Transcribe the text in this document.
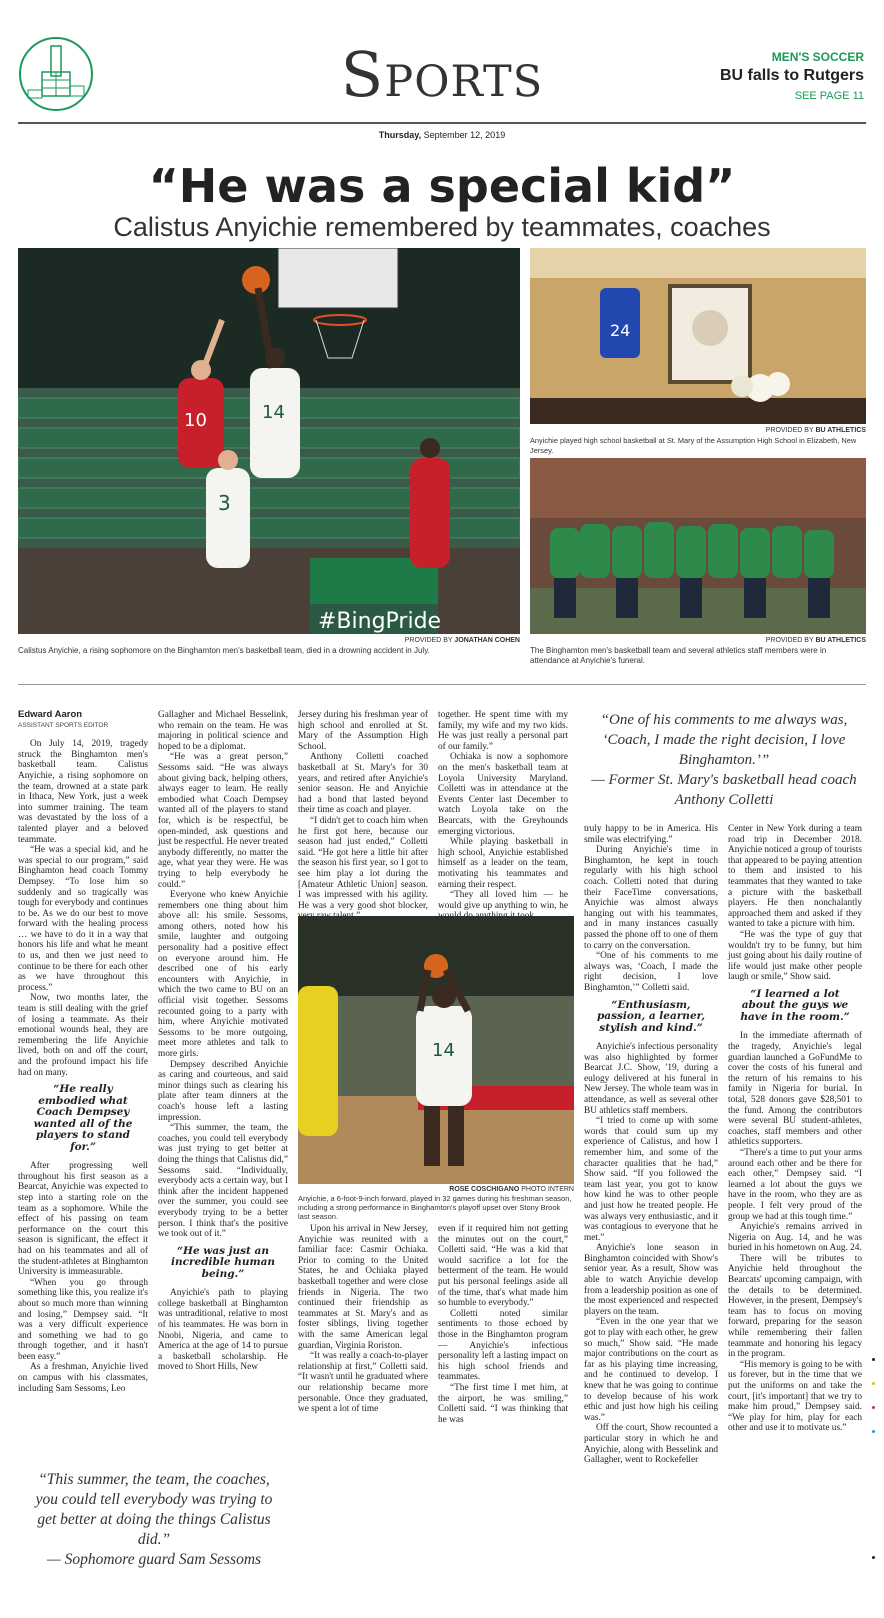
Sports	MEN'S SOCCER
BU falls to Rutgers
SEE PAGE 11
Thursday, September 12, 2019
“He was a special kid”
Calistus Anyichie remembered by teammates, coaches
#BingPride
10	14
3
PROVIDED BY JONATHAN COHEN
Calistus Anyichie, a rising sophomore on the Binghamton men's basketball team, died in a drowning accident in July.
24
PROVIDED BY BU ATHLETICS
Anyichie played high school basketball at St. Mary of the Assumption High School in Elizabeth, New Jersey.
PROVIDED BY BU ATHLETICS
The Binghamton men's basketball team and several athletics staff members were in attendance at Anyichie's funeral.
Edward Aaron
ASSISTANT SPORTS EDITOR

On July 14, 2019, tragedy struck the Binghamton men's basketball team. Calistus Anyichie, a rising sophomore on the team, drowned at a state park in Ithaca, New York, just a week into summer training. The team was devastated by the loss of a talented player and a beloved teammate.

“He was a special kid, and he was special to our program,” said Binghamton head coach Tommy Dempsey. “To lose him so suddenly and so tragically was tough for everybody and continues to be. As we do our best to move forward with the healing process … we have to do it in a way that honors his life and what he meant to us, and then we just need to continue to be there for each other as we have throughout this process.”

Now, two months later, the team is still dealing with the grief of losing a teammate. As their emotional wounds heal, they are remembering the life Anyichie lived, both on and off the court, and the profound impact his life had on many.

“He really embodied what Coach Dempsey wanted all of the players to stand for.”

After progressing well throughout his first season as a Bearcat, Anyichie was expected to step into a starting role on the team as a sophomore. While the effect of his passing on team performance on the court this season is significant, the effect it had on his teammates and all of the student-athletes at Binghamton University is immeasurable.

“When you go through something like this, you realize it's about so much more than winning and losing,” Dempsey said. “It was a very difficult experience and something we had to go through together, and it hasn't been easy.”

As a freshman, Anyichie lived on campus with his classmates, including Sam Sessoms, Leo

Gallagher and Michael Besselink, who remain on the team. He was majoring in political science and hoped to be a diplomat.

“He was a great person,” Sessoms said. “He was always about giving back, helping others, always eager to learn. He really embodied what Coach Dempsey wanted all of the players to stand for, which is be respectful, be open-minded, ask questions and just be respectful. He never treated anybody differently, no matter the age, what year they were. He was trying to help everybody he could.”

Everyone who knew Anyichie remembers one thing about him above all: his smile. Sessoms, among others, noted how his smile, laughter and outgoing personality had a positive effect on everyone around him. He described one of his early encounters with Anyichie, in which the two came to BU on an official visit together. Sessoms recounted going to a party with him, where Anyichie motivated Sessoms to be more outgoing, meet more athletes and talk to more girls.

Dempsey described Anyichie as caring and courteous, and said minor things such as clearing his plate after team dinners at the coach's house left a lasting impression.

“This summer, the team, the coaches, you could tell everybody was just trying to get better at doing the things that Calistus did,” Sessoms said. “Individually, everybody acts a certain way, but I think after the incident happened over the summer, you could see everybody trying to be a better person. I think that's the positive we took out of it.”

“He was just an incredible human being.”

Anyichie's path to playing college basketball at Binghamton was untraditional, relative to most of his teammates. He was born in Nnobi, Nigeria, and came to America at the age of 14 to pursue a basketball scholarship. He moved to Short Hills, New

“This summer, the team, the coaches, you could tell everybody was trying to get better at doing the things Calistus did.”
— Sophomore guard Sam Sessoms

Jersey during his freshman year of high school and enrolled at St. Mary of the Assumption High School.

Anthony Colletti coached basketball at St. Mary's for 30 years, and retired after Anyichie's senior season. He and Anyichie had a bond that lasted beyond their time as coach and player.

“I didn't get to coach him when he first got here, because our season had just ended,” Colletti said. “He got here a little bit after the season his first year, so I got to see him play a lot during the [Amateur Athletic Union] season. I was impressed with his agility. He was a very good shot blocker,

together. He spent time with my family, my wife and my two kids. He was just really a personal part of our family.”

Ochiaka is now a sophomore on the men's basketball team at Loyola University Maryland. Colletti was in attendance at the Events Center last December to watch Loyola take on the Bearcats, with the Greyhounds emerging victorious.

While playing basketball in high school, Anyichie established himself as a leader on the team, motivating his teammates and earning their respect.

“They all loved him — he would give up anything to win, he

14
ROSE COSCHIGANO PHOTO INTERN
Anyichie, a 6-foot-9-inch forward, played in 32 games during his freshman season, including a strong performance in Binghamton's playoff upset over Stony Brook last season.

Upon his arrival in New Jersey, Anyichie was reunited with a familiar face: Casmir Ochiaka. Prior to coming to the United States, he and Ochiaka played basketball together and were close friends in Nigeria. The two continued their friendship as teammates at St. Mary's and as foster siblings, living together with the same American legal guardian, Virginia Roriston.

“It was really a coach-to-player relationship at first,” Colletti said. “It wasn't until he graduated where our relationship became more personable. Once they graduated, we spent a lot of time

even if it required him not getting the minutes out on the court,” Colletti said. “He was a kid that would sacrifice a lot for the betterment of the team. He would put his personal feelings aside all of the time, that's what made him so humble to everybody.”

Colletti noted similar sentiments to those echoed by those in the Binghamton program — Anyichie's infectious personality left a lasting impact on his high school friends and teammates.

“The first time I met him, at the airport, he was smiling,” Colletti said. “I was thinking that he was

“One of his comments to me always was, ‘Coach, I made the right decision, I love Binghamton.’”
— Former St. Mary's basketball head coach Anthony Colletti

truly happy to be in America. His smile was electrifying.”

During Anyichie's time in Binghamton, he kept in touch regularly with his high school coach. Colletti noted that during their FaceTime conversations, Anyichie was almost always hanging out with his teammates, and in many instances casually passed the phone off to one of them to carry on the conversation.

“One of his comments to me always was, ‘Coach, I made the right decision, I love Binghamton,’” Colletti said.

“Enthusiasm, passion, a learner, stylish and kind.”

Anyichie's infectious personality was also highlighted by former Bearcat J.C. Show, '19, during a eulogy delivered at his funeral in New Jersey. The whole team was in attendance, as well as several other BU athletics staff members.

“I tried to come up with some words that could sum up my experience of Calistus, and how I remember him, and some of the character qualities that he had,” Show said. “If you followed the team last year, you got to know how kind he was to other people and just how he treated people. He was always very enthusiastic, and it was contagious to everyone that he met.”

Anyichie's lone season in Binghamton coincided with Show's senior year. As a result, Show was able to watch Anyichie develop from a leadership position as one of the most experienced and respected players on the team.

“Even in the one year that we got to play with each other, he grew so much,” Show said. “He made major contributions on the court as far as his playing time increasing, and he continued to develop. I knew that he was going to continue to develop because of his work ethic and just how high his ceiling was.”

Off the court, Show recounted a particular story in which he and Anyichie, along with Besselink and Gallagher, went to Rockefeller

Center in New York during a team road trip in December 2018. Anyichie noticed a group of tourists that appeared to be paying attention to them and insisted to his teammates that they wanted to take a picture with the basketball players. He then nonchalantly approached them and asked if they wanted to take a picture with him.

“He was the type of guy that wouldn't try to be funny, but him just going about his daily routine of life would just make other people laugh or smile,” Show said.

“I learned a lot about the guys we have in the room.”

In the immediate aftermath of the tragedy, Anyichie's legal guardian launched a GoFundMe to cover the costs of his funeral and the return of his remains to his family in Nigeria for burial. In total, 528 donors gave $28,501 to the fund. Among the contributors were several BU student-athletes, coaches, staff members and other athletics supporters.

“There's a time to put your arms around each other and be there for each other,” Dempsey said. “I learned a lot about the guys we have in the room, who they are as people. I felt very proud of the group we had at this tough time.”

Anyichie's remains arrived in Nigeria on Aug. 14, and he was buried in his hometown on Aug. 24.

There will be tributes to Anyichie held throughout the Bearcats' upcoming campaign, with the details to be determined. However, in the present, Dempsey's team has to focus on moving forward, preparing for the season while remembering their fallen teammate and honoring his legacy in the program.

“His memory is going to be with us forever, but in the time that we put the uniforms on and take the court, [it's important] that we try to make him proud,” Dempsey said. “We play for him, play for each other and use it to motivate us.”
